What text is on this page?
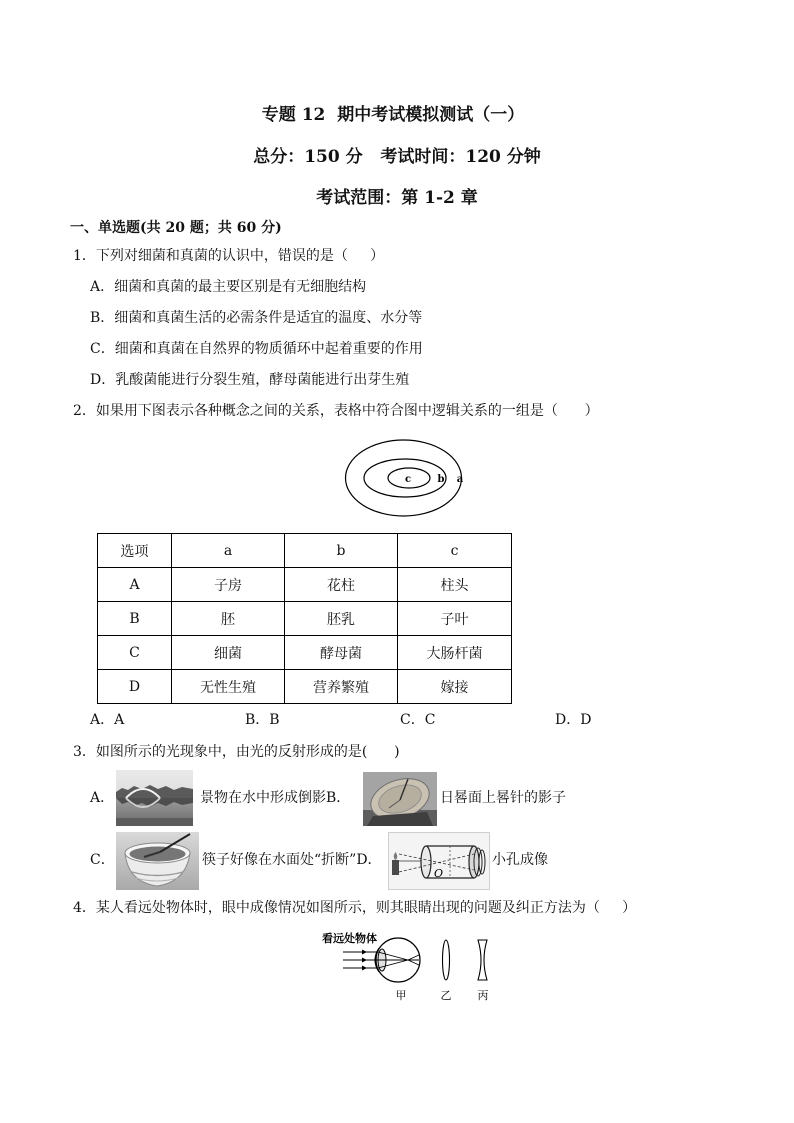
专题 12  期中考试模拟测试（一）
总分：150 分   考试时间：120 分钟
考试范围：第 1-2 章
一、单选题(共 20 题；共 60 分)
1．下列对细菌和真菌的认识中，错误的是（     ）
A．细菌和真菌的最主要区别是有无细胞结构
B．细菌和真菌生活的必需条件是适宜的温度、水分等
C．细菌和真菌在自然界的物质循环中起着重要的作用
D．乳酸菌能进行分裂生殖，酵母菌能进行出芽生殖
2．如果用下图表示各种概念之间的关系，表格中符合图中逻辑关系的一组是（      ）
c	b a
选项	a	b	c
A	子房	花柱	柱头
B	胚	胚乳	子叶
C	细菌	酵母菌	大肠杆菌
D	无性生殖	营养繁殖	嫁接
A．A	B．B	C．C	D．D
3．如图所示的光现象中，由光的反射形成的是(      )
A．	景物在水中形成倒影B．	日晷面上晷针的影子
C．	筷子好像在水面处“折断”D．
O
小孔成像
4．某人看远处物体时，眼中成像情况如图所示，则其眼睛出现的问题及纠正方法为（     ）
看远处物体
甲	乙 丙
